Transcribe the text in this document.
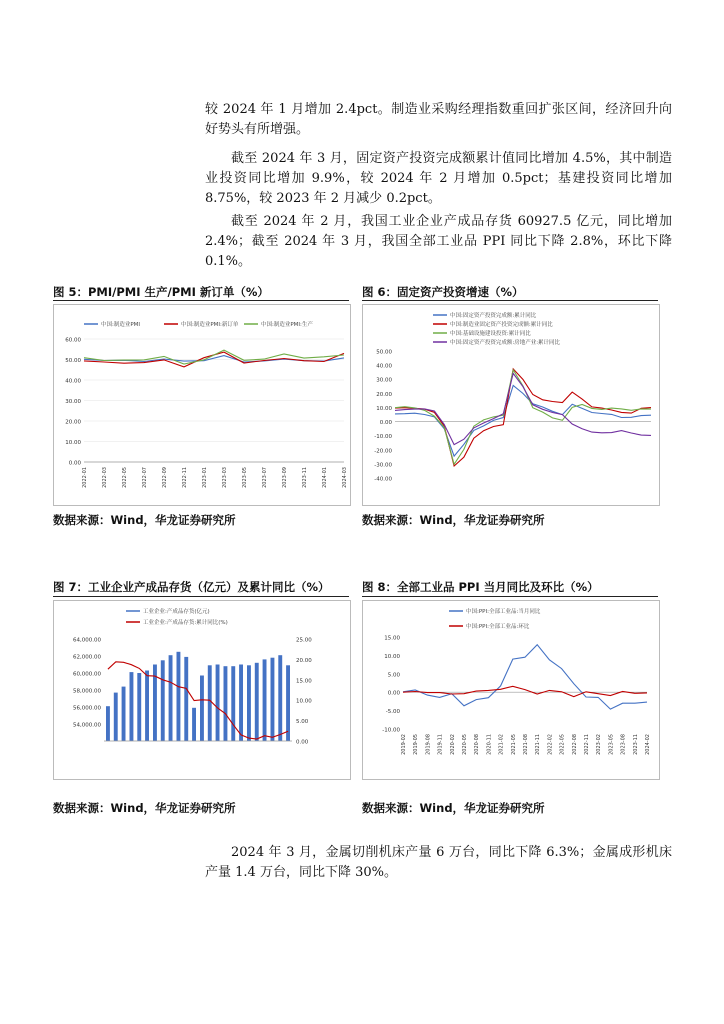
较 2024 年 1 月增加 2.4pct。制造业采购经理指数重回扩张区间，经济回升向好势头有所增强。

截至 2024 年 3 月，固定资产投资完成额累计值同比增加 4.5%，其中制造业投资同比增加 9.9%，较 2024 年 2 月增加 0.5pct；基建投资同比增加 8.75%，较 2023 年 2 月减少 0.2pct。

截至 2024 年 2 月，我国工业企业产成品存货 60927.5 亿元，同比增加 2.4%；截至 2024 年 3 月，我国全部工业品 PPI 同比下降 2.8%，环比下降 0.1%。

图 5：PMI/PMI 生产/PMI 新订单（%）
中国:制造业PMI	中国:制造业PMI:新订单	中国:制造业PMI:生产
0.00
10.00
20.00
30.00
40.00
50.00
60.00
2022-01	2022-03	2022-05	2022-07	2022-09	2022-11	2023-01	2023-03	2023-05	2023-07	2023-09	2023-11	2024-01	2024-03
数据来源：Wind，华龙证券研究所
图 6：固定资产投资增速（%）
中国:固定资产投资完成额:累计同比
中国:制造业固定资产投资完成额:累计同比
中国:基础设施建设投资:累计同比
中国:固定资产投资完成额:房地产业:累计同比
50.00
40.00
30.00
20.00
10.00
0.00
-10.00
-20.00
-30.00
-40.00
数据来源：Wind，华龙证券研究所
图 7：工业企业产成品存货（亿元）及累计同比（%）
工业企业:产成品存货(亿元)
工业企业:产成品存货:累计同比(%)
54,000.00
56,000.00
58,000.00
60,000.00
62,000.00
64,000.00
0.00
5.00
10.00
15.00
20.00
25.00
数据来源：Wind，华龙证券研究所
图 8：全部工业品 PPI 当月同比及环比（%）
中国:PPI:全部工业品:当月同比
中国:PPI:全部工业品:环比
15.00
10.00
5.00
0.00
-5.00
-10.00
2019-02 2019-05 2019-08 2019-11 2020-02 2020-05 2020-08 2020-11 2021-02 2021-05 2021-08 2021-11 2022-02 2022-05 2022-08 2022-11 2023-02 2023-05 2023-08 2023-11 2024-02
数据来源：Wind，华龙证券研究所

2024 年 3 月，金属切削机床产量 6 万台，同比下降 6.3%；金属成形机床产量 1.4 万台，同比下降 30%。
